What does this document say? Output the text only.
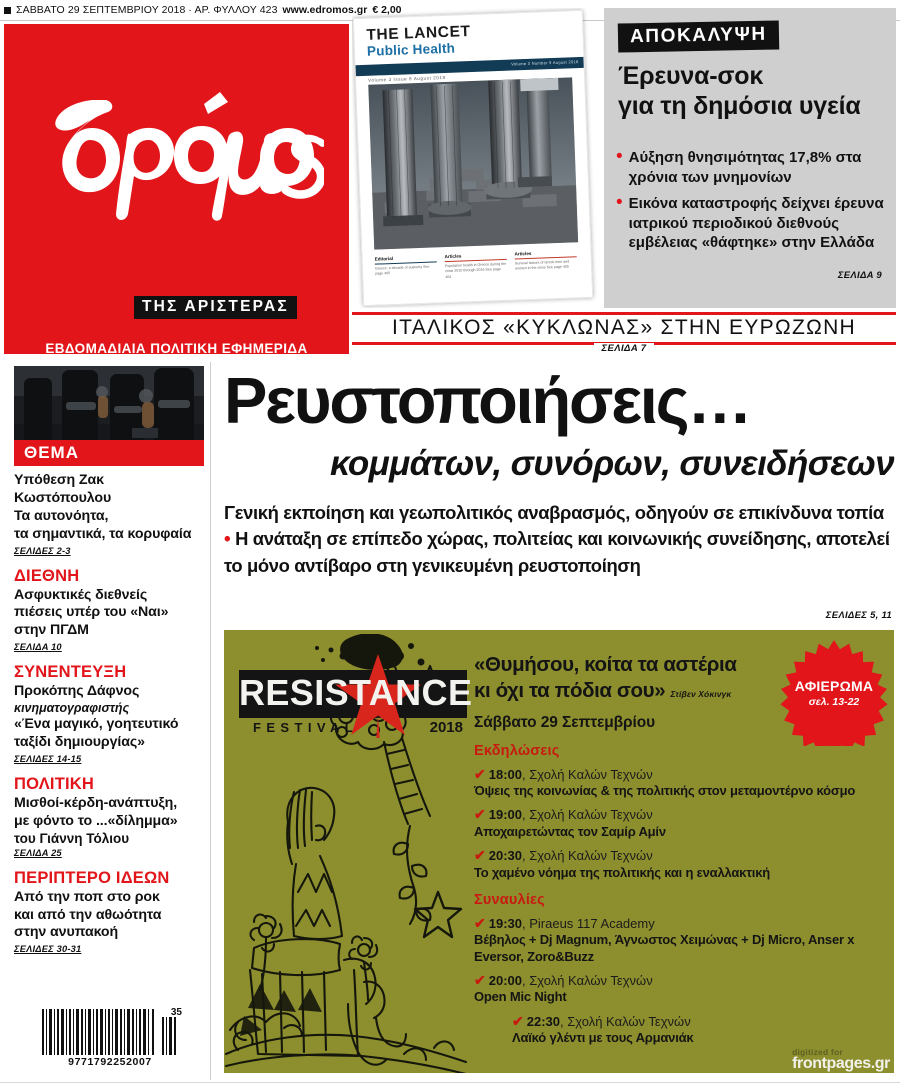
ΣΑΒΒΑΤΟ 29 ΣΕΠΤΕΜΒΡΙΟΥ 2018 · ΑΡ. ΦΥΛΛΟΥ 423 www.edromos.gr € 2,00
ΤΗΣ ΑΡΙΣΤΕΡΑΣ
ΕΒΔΟΜΑΔΙΑΙΑ ΠΟΛΙΤΙΚΗ ΕΦΗΜΕΡΙΔΑ
THE LANCET
Public Health
Volume 3 Number 9 August 2018
Volume 3 Issue 8 August 2018
Editorial
Greece: a decade of austerity See page 405
Articles
Population health in Greece during the crisis 2010 through 2016 See page 404
Articles
Survival factors of Greek men and women in the crisis See page 405
ΑΠΟΚΑΛΥΨΗ
Έρευνα-σοκ
για τη δημόσια υγεία
• Αύξηση θνησιμότητας 17,8% στα χρόνια των μνημονίων
• Εικόνα καταστροφής δείχνει έρευνα ιατρικού περιοδικού διεθνούς εμβέλειας «θάφτηκε» στην Ελλάδα
ΣΕΛΙΔΑ 9
ΙΤΑΛΙΚΟΣ «ΚΥΚΛΩΝΑΣ» ΣΤΗΝ ΕΥΡΩΖΩΝΗ
ΣΕΛΙΔΑ 7
ΘΕΜΑ
Υπόθεση Ζακ Κωστόπουλου
Τα αυτονόητα,
τα σημαντικά, τα κορυφαία
ΣΕΛΙΔΕΣ 2-3
ΔΙΕΘΝΗ
Ασφυκτικές διεθνείς
πιέσεις υπέρ του «Ναι»
στην ΠΓΔΜ
ΣΕΛΙΔΑ 10
ΣΥΝΕΝΤΕΥΞΗ
Προκόπης Δάφνος
κινηματογραφιστής
«Ένα μαγικό, γοητευτικό
ταξίδι δημιουργίας»
ΣΕΛΙΔΕΣ 14-15
ΠΟΛΙΤΙΚΗ
Μισθοί-κέρδη-ανάπτυξη,
με φόντο το ...«δίλημμα»
του Γιάννη Τόλιου
ΣΕΛΙΔΑ 25
ΠΕΡΙΠΤΕΡΟ ΙΔΕΩΝ
Από την ποπ στο ροκ
και από την αθωότητα
στην ανυπακοή
ΣΕΛΙΔΕΣ 30-31
35
9771792252007
Ρευστοποιήσεις…
κομμάτων, συνόρων, συνειδήσεων
Γενική εκποίηση και γεωπολιτικός αναβρασμός, οδηγούν σε επικίνδυνα τοπία • Η ανάταξη σε επίπεδο χώρας, πολιτείας και κοινωνικής συνείδησης, αποτελεί το μόνο αντίβαρο στη γενικευμένη ρευστοποίηση
ΣΕΛΙΔΕΣ 5, 11
RESISTANCE
FESTIVAL	2018
«Θυμήσου, κοίτα τα αστέρια
κι όχι τα πόδια σου» Στίβεν Χόκινγκ
Σάββατο 29 Σεπτεμβρίου
Εκδηλώσεις
✔ 18:00, Σχολή Καλών Τεχνών
Όψεις της κοινωνίας & της πολιτικής στον μεταμοντέρνο κόσμο
✔ 19:00, Σχολή Καλών Τεχνών
Αποχαιρετώντας τον Σαμίρ Αμίν
✔ 20:30, Σχολή Καλών Τεχνών
Το χαμένο νόημα της πολιτικής και η εναλλακτική
Συναυλίες
✔ 19:30, Piraeus 117 Academy
Βέβηλος + Dj Magnum, Άγνωστος Χειμώνας + Dj Micro, Anser x Eversor, Zoro&Buzz
✔ 20:00, Σχολή Καλών Τεχνών
Open Mic Night
✔ 22:30, Σχολή Καλών Τεχνών
Λαϊκό γλέντι με τους Αρμανιάκ
ΑΦΙΕΡΩΜΑ
σελ. 13-22
digitized for
frontpages.gr
